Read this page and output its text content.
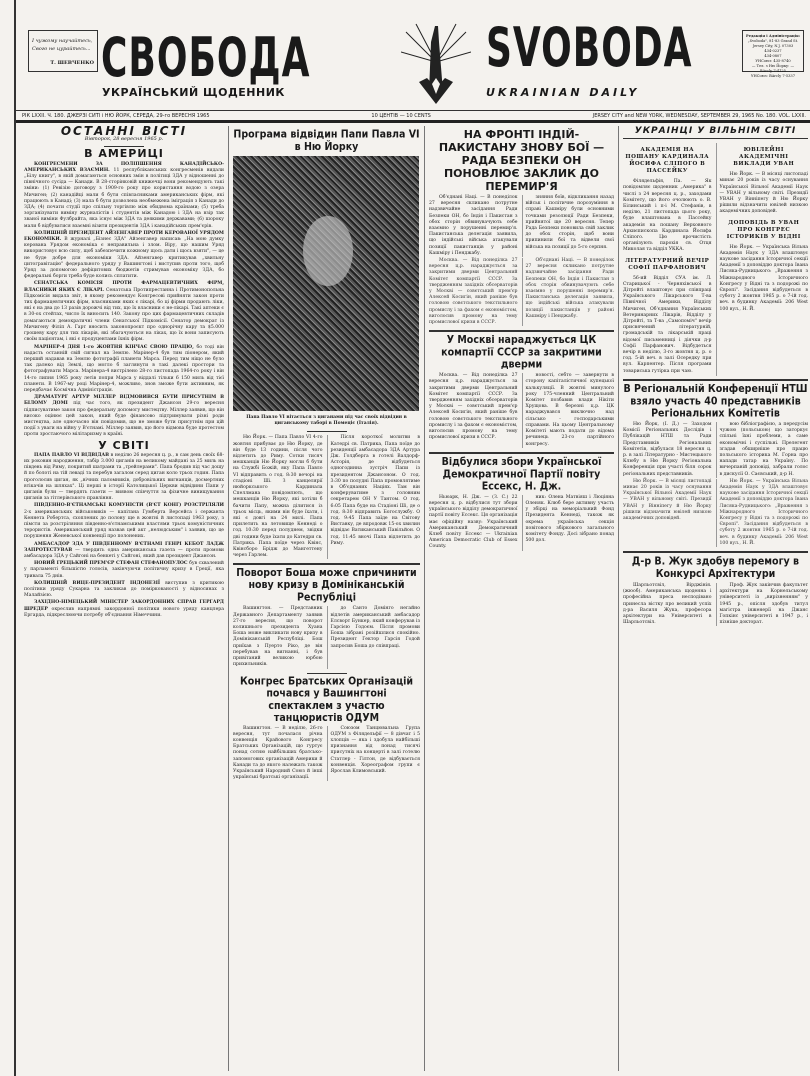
І чужому научайтесь,
Свого не цурайтесь...
Т. ШЕВЧЕНКО СВОБОДА	SVOBODA
УКРАЇНСЬКИЙ ЩОДЕННИК	UKRAINIAN DAILY
Редакція і Адміністрація:
„Svoboda", 81-83 Grand St.
Jersey City, N.J. 07303
434-0237
434-0807
УНСоюз: 435-8740
— Тел. з Ню Йорку: —
BArcly 7-4125
УНСоюз: BArcly 7-5337
РІК LXXII. Ч. 180. ДЖЕРЗІ СИТІ і НЮ ЙОРК, СЕРЕДА, 29-го ВЕРЕСНЯ 1965	10 ЦЕНТІВ — 10 CENTS	JERSEY CITY and NEW YORK, WEDNESDAY, SEPTEMBER 29, 1965 No. 180. VOL. LXXII.
ОСТАННІ ВІСТІ
Вівторок, 28 вересня 1965 р.
В АМЕРИЦІ

КОНГРЕСМЕНИ ЗА ПОЛІПШЕННЯ КАНАДІЙСЬКО-АМЕРИКАНСЬКИХ ВЗАЄМИН. 11 республіканських конгресменів видали „Білу книгу", в якій домагаються основних змін в політиці ЗДА у відношенні до північного сусіда — Канади. В 28-сторінковій книжечці вони рекомендують такі зміни: (1) Ревізію договору з 1909-го року про користання водою з озера Мичиген; (2) канадійці мали б бути співласниками американських фірм, які працюють в Канаді; (3) мала б бути дозволена необмежена іміграція з Канади до ЗДА; (4) почати студії про спільну торгівлю між обидвома країнами; (5) треба зорганізувати виміну журналістів і студентів між Канадою і ЗДА на взір так званої виміни Фулбрайта, яка існує між ЗДА та деякими державами; (6) шороку мали б відбуватися взаємні візити президентів ЗДА і канадійських прем'єрів.

КОЛИШНІЙ ПРЕЗИДЕНТ АЙЗЕНГАВЕР ПРОТИ КЕРОВАНОЇ УРЯДОМ ЕКОНОМІКИ. В журналі „Бізнес ЗДА" Айзенгавер написав: „На мою думку керована Урядом економіка є неправильна і злом. Віру, що нашим Уряд використовує всю силу, щоб забезпечити кожному щось дати і щось взяти", — це не буде добре для економіки ЗДА. Айзенгавер критикував „хвильну цитогравітацію" федерального уряду у Вашингтоні і виступив проти того, щоб Уряд за допомогою дефіцитових бюджетів стримував економіку ЗДА, бо федеральні борги треба буде колись сплатити.

СЕНАТСЬКА КОМІСІЯ ПРОТИ ФАРМАЦЕВТИЧНИХ ФІРМ, ВЛАСНИКИ ЯКИХ Є ЛІКАРІ. Сенатська Протипрестанна і Протимонопольна Підкомісія видала звіт, в якому рекомендує Конгресові прийняти закон проти тих фармацевтичних фірм, власниками яких є лікарі, бо ці фірми продають ліки, які є на два до 13 разів дорожчі від тих, що їх власники є не-лікарі. Такі аптеки є в 30-ох стейтах, число їх виносить 140. Закону про цих фармацевтичних складів домагаються демократичні члени Сенатської Підкомісії. Сенатор демократ із Мичигену Філіп А. Гарт вносить законопроєкт про однорічну кару та $5.000 грошеву кару для тих лікарів, які збагачуються на ліках, що їх вони записують своїм пацієнтам, і які є продуцентами їхніх фірм.

МАРІНЕР-4 ДНЯ 1-го ЖОВТНЯ КІНЧАЄ СВОЮ ПРАЦЮ, бо тоді він надасть останній свій сигнал на Землю. Марінер-4 був тим піонером, який перший надавав на Землю фотографії планети Марса. Перед тим ніщо не було так далеко від Землі, що могло б заглянути в такі далекі простори та фотографувати Марса. Марінера-4 вистрілено 28-го листопада 1964-го року і він 14-го липня 1965 року летів попри Марса у віддалі тільки 6 150 миль від тієї планети. В 1967-му році Марінер-4, можливо, знов зможе бути активним, як передбачає Космічна Адміністрація.

ДРАМАТУРГ АРТУР МІЛЛЕР ВІДМОВИВСЯ БУТИ ПРИСУТНІМ В БІЛОМУ ДОМІ під час того, як президент Джансон 29-го вересня підписуватиме закон про федеральну допомогу мистецтву. Міллер заявив, що він високо оцінює цей закон, який буде фінансово підтримувати різні роди мистецтва, але одночасно він повідомив, що не зможе бути присутнім при цій події з уваги на війну у В'єтнамі. Міллер заявив, що його відмова буде протестом проти зростаючого мілітаризму в країні.

У СВІТІ

ПАПА ПАВЛО VI ВІДВІДАВ в неділю 26 вересня ц. р., в сам день своїх 68-их роковин народження, табір 3.000 циганів на великому майдані за 25 миль на південь від Риму, покритий шатрами та „трейлерами". Папа бродив під час дощу й по болоті на тій леваді та перебув загалом серед циган коло трьох годин. Папа проголосив циган, як „вічних паломників, добровільних вигнанців, досмертних втікачів на шляхах". Ці перші в історії Католицької Церкви відвідини Папи у циганів були — твердять газети — виявом співчуття за фізичне винищування циганів за гітлерівського правління.

ПІВДЕННО-В'ЄТНАМСЬКІ КОМУНІСТИ (В'ЄТ КОНГ) РОЗСТРІЛЯЛИ 2-х американських військовиків — капітана Гумберта Версейса і сержанта Кеннета Робертса, схоплених до полону ще в жовтні й листопаді 1963 року, з пімсти за розстріляння південно-в'єтнамськими властями трьох комуністичних терористів. Американський уряд назвав цей акт „нелюдським" і заявив, що це порушення Женевської конвенції про полонених.

АМБАСАДОР ЗДА У ПІВДЕННОМУ В'ЄТНАМІ ГЕНРІ КЕБОТ ЛАДЖ ЗАПРОТЕСТУВАВ — твердить одна американська газета — проти промови амбасадора ЗДА у Сайгоні на бенкеті у Сайгоні, який дав президент Джансон.

НОВИЙ ГРЕЦЬКИЙ ПРЕМ'ЄР СТЕФАН СТЕФАНОПУЛОС був схвалений у парламенті більшістю голосів, закінчуючи політичну кризу в Греції, яка тривала 75 днів.

КОЛИШНІЙ ВИЦЕ-ПРЕЗИДЕНТ ІНДОНЕЗІЇ виступив з критикою політики уряду Сукарна та закликав до поміркованості у відносинах з Малайзією.

ЗАХІДНО-НІМЕЦЬКИЙ МІНІСТЕР ЗАКОРДОННИХ СПРАВ ГЕРГАРД ШРЕДЕР окреслив напрямні закордонної політики нового уряду канцлера Ергарда, підкреслюючи потребу об'єднання Німеччини.

Програма відвідин Папи Павла VI в Ню Йорку
Папа Павло VI вітається з циганами під час своїх відвідин в циганському таборі в Помеціє (Італія).
Ню Йорк. — Папа Павло VI 4-го жовтня прибуває до Ню Йорку, де він буде 13 години, після чого відлетить до Риму. Сотки тисяч мешканців Ню Йорку могли б бути на Службі Божій, яку Папа Павло VI відправить о год. 8:30 вечорі на стадіоні Ші. З канцелярії нюйоркського Кардинала Спеллмана повідомлють, що мешканців Ню Йорку, які хотіли б бачити Папу, можна ділитися із трьох місць, якими він буде їхати, і які є довгі на 24 милі. Папа прилетить на летовище Кеннеді о год. 10:30 перед полуднем, звідки дві години буде їхати до Катедри св. Патрика. Папа поїде через Квінс, Квінсборо Брідж до Мангеттену через Гарлем.
Після короткої молитви в Катедрі св. Патрика, Папа поїде до резиденції амбасадора ЗДА Артура Дж. Голдберга в готелі Валдорф-Асторія, де відбудеться одногодинна зустріч Папи із президентом Джансоном. О год. 3:30 по полудні Папа промовлятиме в Об'єднаних Націях. Там він конферуватиме з головним секретарем ОН У Тантом. О год. 6:05 Папа буде на Стадіоні Ші, де о год. 8:30 відправить Богослужбу. О год. 9:45 Папа заїде на Світову Виставку, де впродовж 15-ох хвилин відвідає Ватиканський Павільйон. О год. 11:45 вночі Папа відлетить до Риму.
Поворот Боша може спричинити нову кризу в Домініканській Республіці
Вашингтон. — Представник Державного Департаменту заявив 27-го вересня, що поворот колишнього президента Хуана Боша може викликати нову кризу в Домініканській Республіці. Бош приїхав з Пуерто Ріко, де він перебував на вигнанні, і був привітаний великою юрбою прихильників.
до Санто Домінго негайно відлетів американський амбасадор Елсворт Бункер, який конферував із Гарсією Годоєм. Після промови Боша зібрані розійшлися спокійно. Президент Гектор Гарсія Годой запросив Боша до співпраці.
Конгрес Братських Організацій почався у Вашингтоні спектаклем з участю танцюристів ОДУМ
Вашингтон. — В неділю, 26-го вересня, тут почалася річна конвенція Крайового Конгресу Братських Організацій, що гуртує понад сотню найбільших братсько-запомогових організацій Америки й Канади та до якого належать також Український Народний Союз й інші українські братські організації.
Союзом Танцювальна Група ОДУМ з Філядельфії — 8 дівчат і 5 хлопців — яка і здобула найбільші признання від понад тисячі присутніх на концерті в залі готелю Статлер - Гілтон, де відбувається конвенція. Хореографом групи є Ярослав Климовський.
НА ФРОНТІ ІНДІЙ-ПАКИСТАНУ ЗНОВУ БОЇ — РАДА БЕЗПЕКИ ОН ПОНОВЛЮЄ ЗАКЛИК ДО ПЕРЕМИР'Я
Об'єднані Наці. — В понеділок 27 вересня скликано потрутне надзвичайне засідання Ради Безпеки ОН, бо Індія і Пакистан з обох сторін обвинувачують себе взаємно у порушенні перемир'я. Пакистанська делегація заявила, що індійські війська атакували позиції пакистанців у районі Кашміру і Пенджабу.
зняння боїв, відкликання назад військ і політичне порозуміння в справі Кашміру були основними точками резолюції Ради Безпеки, прийнятої ще 20 вересня. Тепер Рада Безпеки поновила свій заклик до обох сторін, щоб вони припинили бої та відвели свої війська на позиції до 5-го серпня.
Москва. — Від понеділка 27 вересня ц.р. нараджується за закритими дверми Центральний Комітет компартії СССР. За твердженням західніх обсерваторів у Москві — совєтський прем'єр Алексей Косигін, який раніше був головою совєтського текстильного промислу і за фахом є економістом, виголосив промову на тему промислової кризи в СССР.
Об'єднані Наці. — В понеділок 27 вересня скликано потрутне надзвичайне засідання Ради Безпеки ОН, бо Індія і Пакистан з обох сторін обвинувачують себе взаємно у порушенні перемир'я. Пакистанська делегація заявила, що індійські війська атакували позиції пакистанців у районі Кашміру і Пенджабу.
У Москві нараджується ЦК компартії СССР за закритими дверми
Москва. — Від понеділка 27 вересня ц.р. нараджується за закритими дверми Центральний Комітет компартії СССР. За твердженням західніх обсерваторів у Москві — совєтський прем'єр Алексей Косигін, який раніше був головою совєтського текстильного промислу і за фахом є економістом, виголосив промову на тему промислової кризи в СССР.
новості, себто — завернути в сторону капіталістичної купецької калькуляції. В жовтні минулого року 175-членний Центральний Комітет позбавив влади Нікіти Хрущова. В березні ц.р. ЦК нараджувався виключно над сільсько - господарськими справами. На цьому Центральному Комітеті мають подати до відома речинець 23-го партійного конгресу.
Відбулися збори Української Демократичної Партії повіту Ессекс, Н. Дж.
Ньюарк, Н. Дж. — (З. С.) 22 вересня ц. р. відбулися тут збори українського відділу демократичної партії повіту Ессекс. Ця організація має офіційну назву: Український Американський Демократичний Клюб повіту Ессекс — Ukrainian American Democratic Club of Essex County.
ник: Олена Матвіяш і Люціяна Оленяк. Клюб бере активну участь у збірці на меморіальний Фонд Президента Кеннеді, також як окрема українська секція повітового збіркового загального комітету Фонду. Досі зібрано понад 500 дол.
УКРАЇНЦІ У ВІЛЬНІМ СВІТІ
АКАДЕМІЯ НА ПОШАНУ КАРДИНАЛА ЙОСИФА СЛІПОГО В ПАССЕЙКУ
Філядельфія, Па. — Як повідомляє щоденник „Америка" в числі з 24 вересня ц. р., заходами Комітету, що його очолюють о. В. Білинський і п-і М. Стефанів, в неділю, 21 листопада цього року, буде влаштована в Пассейку академія на пошану Верховного Архиєпископа Кардинала Йосифа Сліпого. Цю врочистість організують парохія св. Отця Миколая та відділ УККА.
ЛІТЕРАТУРНИЙ ВЕЧІР СОФІЇ ПАРФАНОВИЧ
56-ий Відділ СУА ім. Л. Старицької - Черняхівської в Дітройті влаштовує при співпраці Українського Лікарського Т-ва Північної Америки, Відділу Мичиген, Об'єднання Українських Ветеринарних Лікарів, Відділу у Дітройті, та Т-ва „Самопоміч" вечір присвячений літературній, громадській та лікарській праці відомої письменниці і діячки д-р Софії Парфанович. Відбудеться вечір в неділю, 3-го жовтня ц. р. о год. 5-ій веч. в залі Осередку при вул. Карпентер. Після програми товариська гутірка при чаю.
ЮВІЛЕЙНІ АКАДЕМІЧНІ ВИКЛАДИ УВАН
Ню Йорк. — В місяці листопаді минає 20 років із часу оснування Української Вільної Академії Наук — УВАН у вільному світі. Президії УВАН у Вінніпегу й Ню Йорку рішили відзначити ювілей низкою академічних доповідей.
ДОПОВІДЬ В УВАН ПРО КОНГРЕС ІСТОРИКІВ У ВІДНІ
Ню Йорк. — Українська Вільна Академія Наук у ЗДА влаштовує наукове засідання Історичної секції Академії з доповіддю доктора Івана Лисяка-Рудницького: „Враження з Міжнародного Історичного Конгресу у Відні та з подорожі по Європі". Засідання відбудеться в суботу 2 жовтня 1965 р. о 7-ій год. веч. в будинку Академії: 206 West 100 вул., Н. Й.
В Регіональній Конференції НТШ взяло участь 40 представників Регіональних Комітетів
Ню Йорк, (І. Д.) — Заходом Комісії Регіональних Дослідів і Публікацій НТШ та Ради Представників Регіональних Комітетів, відбулася 18 вересня ц. р. в залі Літературно - Мистецького Клюбу в Ню Йорку Регіональна Конференція при участі біля сорок регіональних представників.
вою бібліографією, а передусім чужою (польською) що заторкує спільні їхні проблеми, а саме економічні і суспільні. Прелегент згадав обширніше про працю польського історика М. Горна про напади татар на Україну. По вичерпаній доповіді, забрали голос в дискусії О. Саєвський, д-р Н.
Ню Йорк. — В місяці листопаді минає 20 років із часу оснування Української Вільної Академії Наук — УВАН у вільному світі. Президії УВАН у Вінніпегу й Ню Йорку рішили відзначити ювілей низкою академічних доповідей.
Ню Йорк. — Українська Вільна Академія Наук у ЗДА влаштовує наукове засідання Історичної секції Академії з доповіддю доктора Івана Лисяка-Рудницького: „Враження з Міжнародного Історичного Конгресу у Відні та з подорожі по Європі". Засідання відбудеться в суботу 2 жовтня 1965 р. о 7-ій год. веч. в будинку Академії: 206 West 100 вул., Н. Й.
Д-р В. Жук здобув перемогу в Конкурсі Архітектури
Шарльотсвіл, Вірджінія. (жюоб). Американська щоденна і професійна преса несподівано принесла вістку про великий успіх д-ра Василя Жука, професора архітектури на Університеті в Шарльотсвіл.
Проф. Жук закінчив факультет архітектури на Корнельському університеті із „вирізненням" у 1945 р., опісля здобув титул магістра інженерії на Джанс Гопкінс університеті в 1947 р., і пізніше докторат.
